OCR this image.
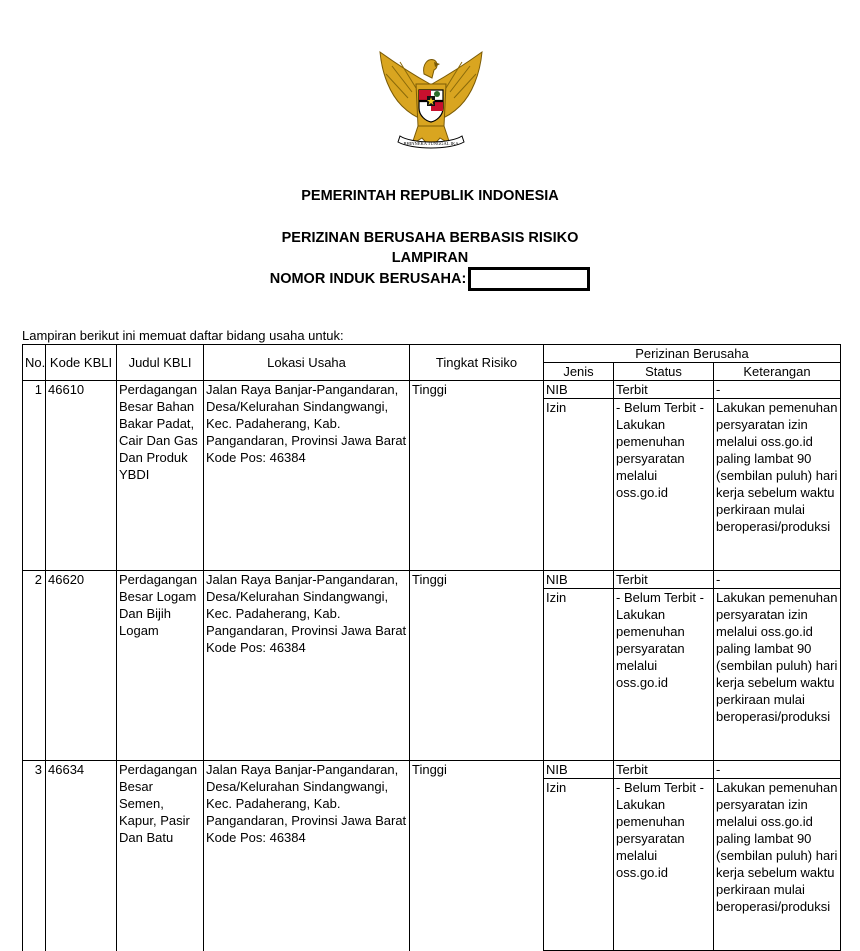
BHINNEKA TUNGGAL IKA
PEMERINTAH REPUBLIK INDONESIA
PERIZINAN BERUSAHA BERBASIS RISIKO
LAMPIRAN
NOMOR INDUK BERUSAHA:
Lampiran berikut ini memuat daftar bidang usaha untuk:
No.	Kode KBLI	Judul KBLI	Lokasi Usaha	Tingkat Risiko	Perizinan Berusaha		
					Jenis	Status	Keterangan
1	46610	Perdagangan Besar Bahan Bakar Padat, Cair Dan Gas Dan Produk YBDI	Jalan Raya Banjar-Pangandaran, Desa/Kelurahan Sindangwangi, Kec. Padaherang, Kab. Pangandaran, Provinsi Jawa Barat Kode Pos: 46384	Tinggi	NIB	Terbit	-
					Izin	- Belum Terbit - Lakukan pemenuhan persyaratan melalui oss.go.id	Lakukan pemenuhan persyaratan izin melalui oss.go.id paling lambat 90 (sembilan puluh) hari kerja sebelum waktu perkiraan mulai beroperasi/produksi
2	46620	Perdagangan Besar Logam Dan Bijih Logam	Jalan Raya Banjar-Pangandaran, Desa/Kelurahan Sindangwangi, Kec. Padaherang, Kab. Pangandaran, Provinsi Jawa Barat Kode Pos: 46384	Tinggi	NIB	Terbit	-
					Izin	- Belum Terbit - Lakukan pemenuhan persyaratan melalui oss.go.id	Lakukan pemenuhan persyaratan izin melalui oss.go.id paling lambat 90 (sembilan puluh) hari kerja sebelum waktu perkiraan mulai beroperasi/produksi
3	46634	Perdagangan Besar Semen, Kapur, Pasir Dan Batu	Jalan Raya Banjar-Pangandaran, Desa/Kelurahan Sindangwangi, Kec. Padaherang, Kab. Pangandaran, Provinsi Jawa Barat Kode Pos: 46384	Tinggi	NIB	Terbit	-
					Izin	- Belum Terbit - Lakukan pemenuhan persyaratan melalui oss.go.id	Lakukan pemenuhan persyaratan izin melalui oss.go.id paling lambat 90 (sembilan puluh) hari kerja sebelum waktu perkiraan mulai beroperasi/produksi
